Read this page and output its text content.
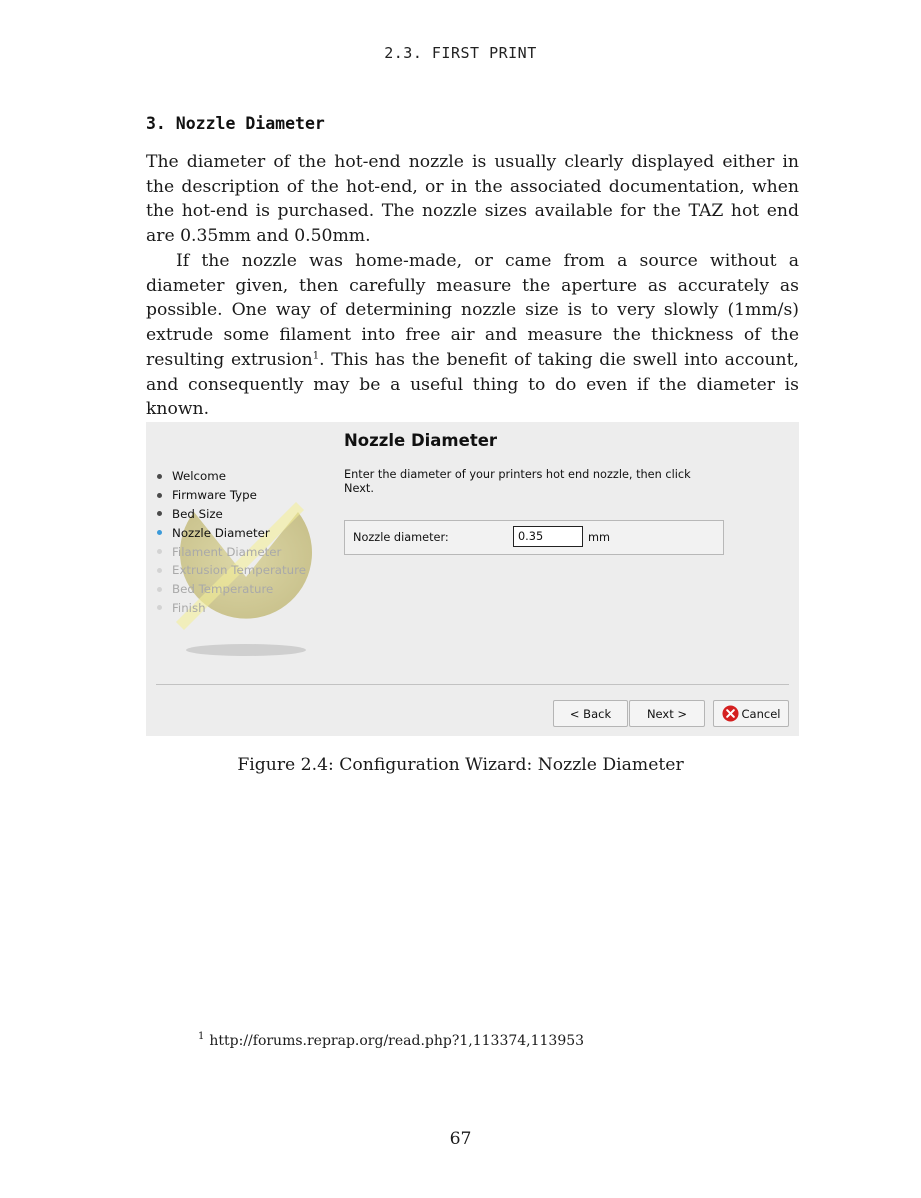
2.3. FIRST PRINT
3. Nozzle Diameter

The diameter of the hot-end nozzle is usually clearly displayed either in the description of the hot-end, or in the associated documentation, when the hot-end is purchased. The nozzle sizes available for the TAZ hot end are 0.35mm and 0.50mm.

If the nozzle was home-made, or came from a source without a diameter given, then carefully measure the aperture as accurately as possible. One way of determining nozzle size is to very slowly (1mm/s) extrude some filament into free air and measure the thickness of the resulting extrusion$^1$. This has the benefit of taking die swell into account, and consequently may be a useful thing to do even if the diameter is known.

Welcome
Firmware Type
Bed Size
Nozzle Diameter
Filament Diameter
Extrusion Temperature
Bed Temperature
Finish
Nozzle Diameter
Enter the diameter of your printers hot end nozzle, then click Next.
Nozzle diameter:
0.35	mm
< Back	Next >	Cancel
Figure 2.4: Configuration Wizard: Nozzle Diameter
$^1$ http://forums.reprap.org/read.php?1,113374,113953
67
